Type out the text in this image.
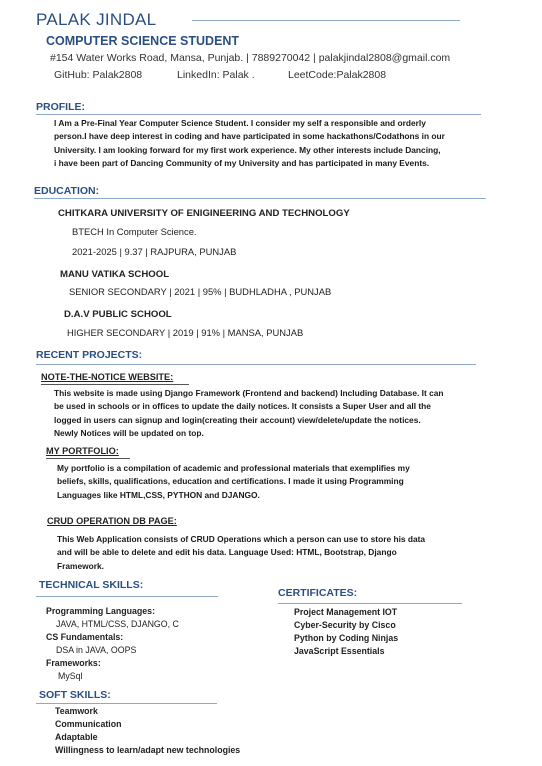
PALAK JINDAL
COMPUTER SCIENCE STUDENT
#154 Water Works Road, Mansa, Punjab. | 7889270042 | palakjindal2808@gmail.com
GitHub: Palak2808	LinkedIn: Palak .	LeetCode:Palak2808
PROFILE:
I Am a Pre-Final Year Computer Science Student. I consider my self a responsible and orderly
person.I have deep interest in coding and have participated in some hackathons/Codathons in our
University. I am looking forward for my first work experience. My other interests include Dancing,
i have been part of Dancing Community of my University and has participated in many Events.
EDUCATION:
CHITKARA UNIVERSITY OF ENIGINEERING AND TECHNOLOGY
BTECH In Computer Science.
2021-2025 | 9.37 | RAJPURA, PUNJAB
MANU VATIKA SCHOOL
SENIOR SECONDARY | 2021 | 95% | BUDHLADHA , PUNJAB
D.A.V PUBLIC SCHOOL
HIGHER SECONDARY | 2019 | 91% | MANSA, PUNJAB
RECENT PROJECTS:
NOTE-THE-NOTICE WEBSITE:
This website is made using Django Framework (Frontend and backend) Including Database. It can
be used in schools or in offices to update the daily notices. It consists a Super User and all the
logged in users can signup and login(creating their account) view/delete/update the notices.
Newly Notices will be updated on top.
MY PORTFOLIO:
My portfolio is a compilation of academic and professional materials that exemplifies my
beliefs, skills, qualifications, education and certifications. I made it using Programming
Languages like HTML,CSS, PYTHON and DJANGO.
CRUD OPERATION DB PAGE:
This Web Application consists of CRUD Operations which a person can use to store his data
and will be able to delete and edit his data. Language Used: HTML, Bootstrap, Django
Framework.
TECHNICAL SKILLS:
Programming Languages:
JAVA, HTML/CSS, DJANGO, C
CS Fundamentals:
DSA in JAVA, OOPS
Frameworks:
MySql
CERTIFICATES:
Project Management IOT
Cyber-Security by Cisco
Python by Coding Ninjas
JavaScript Essentials
SOFT SKILLS:
Teamwork
Communication
Adaptable
Willingness to learn/adapt new technologies
